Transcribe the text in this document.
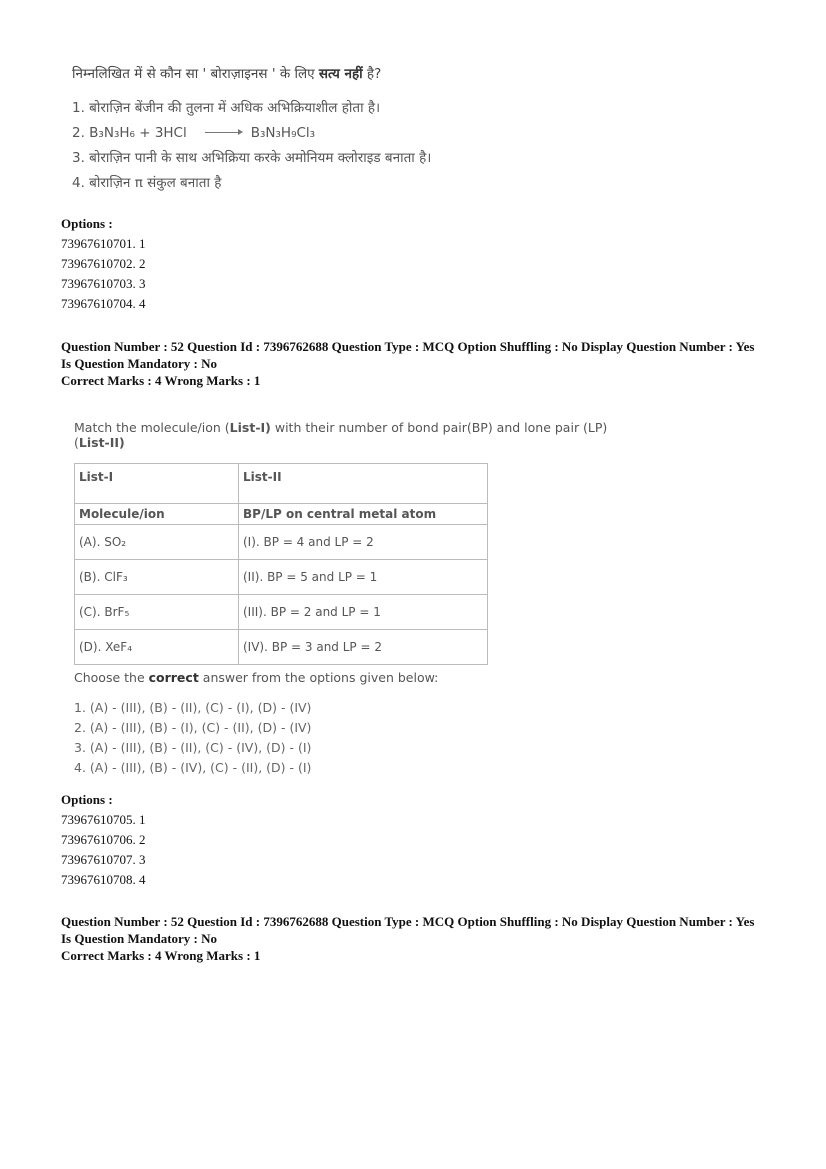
निम्नलिखित में से कौन सा ' बोराज़ाइनस ' के लिए सत्य नहीं है?
1. बोराज़िन बेंजीन की तुलना में अधिक अभिक्रियाशील होता है।
2. B₃N₃H₆ + 3HCl → B₃N₃H₉Cl₃
3. बोराज़िन पानी के साथ अभिक्रिया करके अमोनियम क्लोराइड बनाता है।
4. बोराज़िन π संकुल बनाता है
Options :
73967610701. 1
73967610702. 2
73967610703. 3
73967610704. 4
Question Number : 52 Question Id : 7396762688 Question Type : MCQ Option Shuffling : No Display Question Number : Yes
Is Question Mandatory : No
Correct Marks : 4 Wrong Marks : 1
Match the molecule/ion (List-I) with their number of bond pair(BP) and lone pair (LP) (List-II)
List-I	List-II
Molecule/ion	BP/LP on central metal atom
(A). SO₂	(I). BP = 4 and LP = 2
(B). ClF₃	(II). BP = 5 and LP = 1
(C). BrF₅	(III). BP = 2 and LP = 1
(D). XeF₄	(IV). BP = 3 and LP = 2
Choose the correct answer from the options given below:
1. (A) - (III), (B) - (II), (C) - (I), (D) - (IV)
2. (A) - (III), (B) - (I), (C) - (II), (D) - (IV)
3. (A) - (III), (B) - (II), (C) - (IV), (D) - (I)
4. (A) - (III), (B) - (IV), (C) - (II), (D) - (I)
Options :
73967610705. 1
73967610706. 2
73967610707. 3
73967610708. 4
Question Number : 52 Question Id : 7396762688 Question Type : MCQ Option Shuffling : No Display Question Number : Yes
Is Question Mandatory : No
Correct Marks : 4 Wrong Marks : 1
